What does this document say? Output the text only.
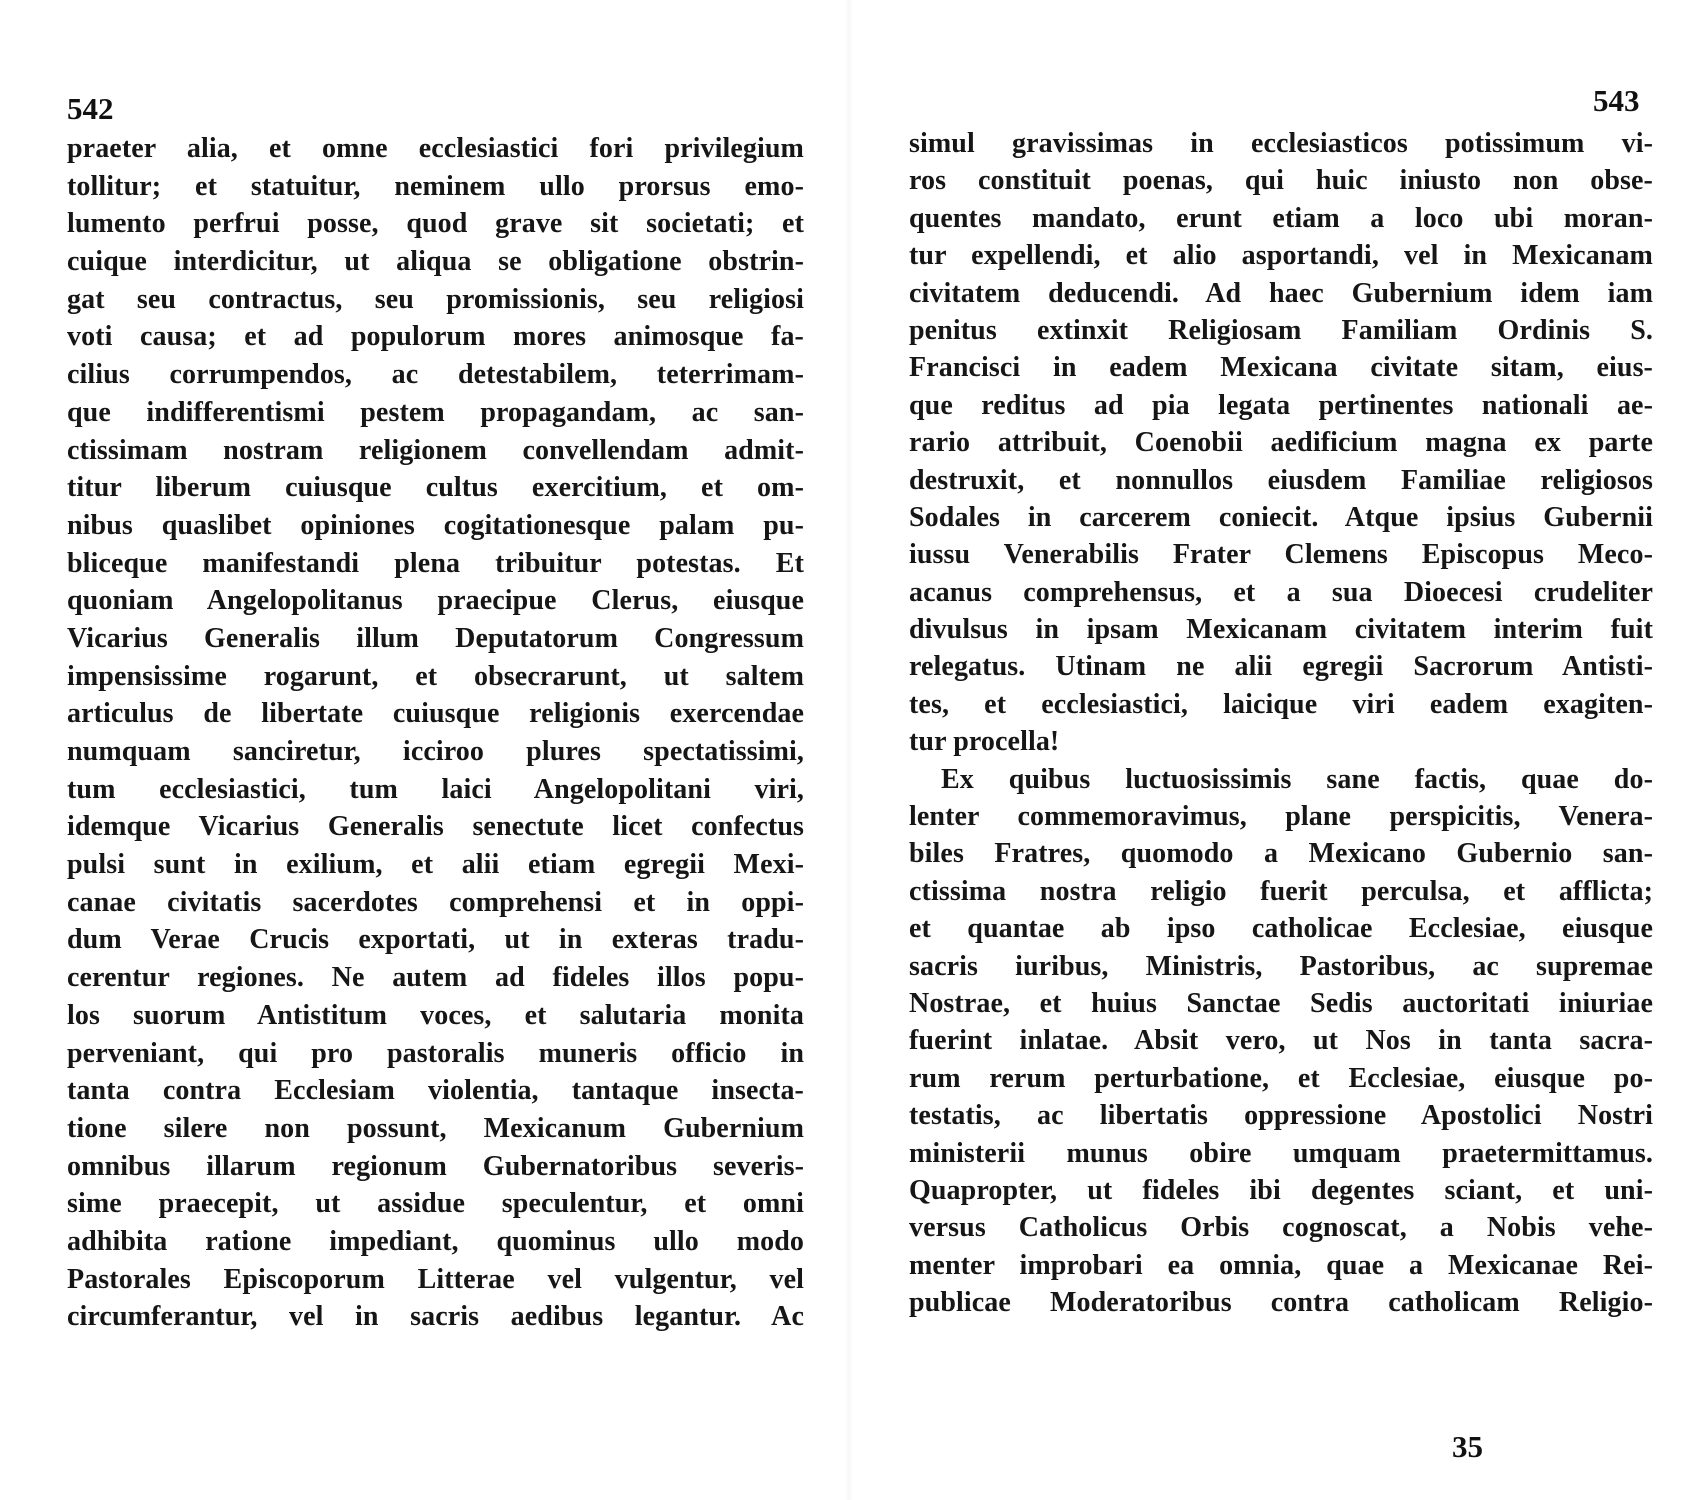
542
praeter alia, et omne ecclesiastici fori privilegium
tollitur; et statuitur, neminem ullo prorsus emo-
lumento perfrui posse, quod grave sit societati; et
cuique interdicitur, ut aliqua se obligatione obstrin-
gat seu contractus, seu promissionis, seu religiosi
voti causa; et ad populorum mores animosque fa-
cilius corrumpendos, ac detestabilem, teterrimam-
que indifferentismi pestem propagandam, ac san-
ctissimam nostram religionem convellendam admit-
titur liberum cuiusque cultus exercitium, et om-
nibus quaslibet opiniones cogitationesque palam pu-
bliceque manifestandi plena tribuitur potestas. Et
quoniam Angelopolitanus praecipue Clerus, eiusque
Vicarius Generalis illum Deputatorum Congressum
impensissime rogarunt, et obsecrarunt, ut saltem
articulus de libertate cuiusque religionis exercendae
numquam sanciretur, icciroo plures spectatissimi,
tum ecclesiastici, tum laici Angelopolitani viri,
idemque Vicarius Generalis senectute licet confectus
pulsi sunt in exilium, et alii etiam egregii Mexi-
canae civitatis sacerdotes comprehensi et in oppi-
dum Verae Crucis exportati, ut in exteras tradu-
cerentur regiones. Ne autem ad fideles illos popu-
los suorum Antistitum voces, et salutaria monita
perveniant, qui pro pastoralis muneris officio in
tanta contra Ecclesiam violentia, tantaque insecta-
tione silere non possunt, Mexicanum Gubernium
omnibus illarum regionum Gubernatoribus severis-
sime praecepit, ut assidue speculentur, et omni
adhibita ratione impediant, quominus ullo modo
Pastorales Episcoporum Litterae vel vulgentur, vel
circumferantur, vel in sacris aedibus legantur. Ac
543
simul gravissimas in ecclesiasticos potissimum vi-
ros constituit poenas, qui huic iniusto non obse-
quentes mandato, erunt etiam a loco ubi moran-
tur expellendi, et alio asportandi, vel in Mexicanam
civitatem deducendi. Ad haec Gubernium idem iam
penitus extinxit Religiosam Familiam Ordinis S.
Francisci in eadem Mexicana civitate sitam, eius-
que reditus ad pia legata pertinentes nationali ae-
rario attribuit, Coenobii aedificium magna ex parte
destruxit, et nonnullos eiusdem Familiae religiosos
Sodales in carcerem coniecit. Atque ipsius Gubernii
iussu Venerabilis Frater Clemens Episcopus Meco-
acanus comprehensus, et a sua Dioecesi crudeliter
divulsus in ipsam Mexicanam civitatem interim fuit
relegatus. Utinam ne alii egregii Sacrorum Antisti-
tes, et ecclesiastici, laicique viri eadem exagiten-
tur procella!
Ex quibus luctuosissimis sane factis, quae do-
lenter commemoravimus, plane perspicitis, Venera-
biles Fratres, quomodo a Mexicano Gubernio san-
ctissima nostra religio fuerit perculsa, et afflicta;
et quantae ab ipso catholicae Ecclesiae, eiusque
sacris iuribus, Ministris, Pastoribus, ac supremae
Nostrae, et huius Sanctae Sedis auctoritati iniuriae
fuerint inlatae. Absit vero, ut Nos in tanta sacra-
rum rerum perturbatione, et Ecclesiae, eiusque po-
testatis, ac libertatis oppressione Apostolici Nostri
ministerii munus obire umquam praetermittamus.
Quapropter, ut fideles ibi degentes sciant, et uni-
versus Catholicus Orbis cognoscat, a Nobis vehe-
menter improbari ea omnia, quae a Mexicanae Rei-
publicae Moderatoribus contra catholicam Religio-
35
